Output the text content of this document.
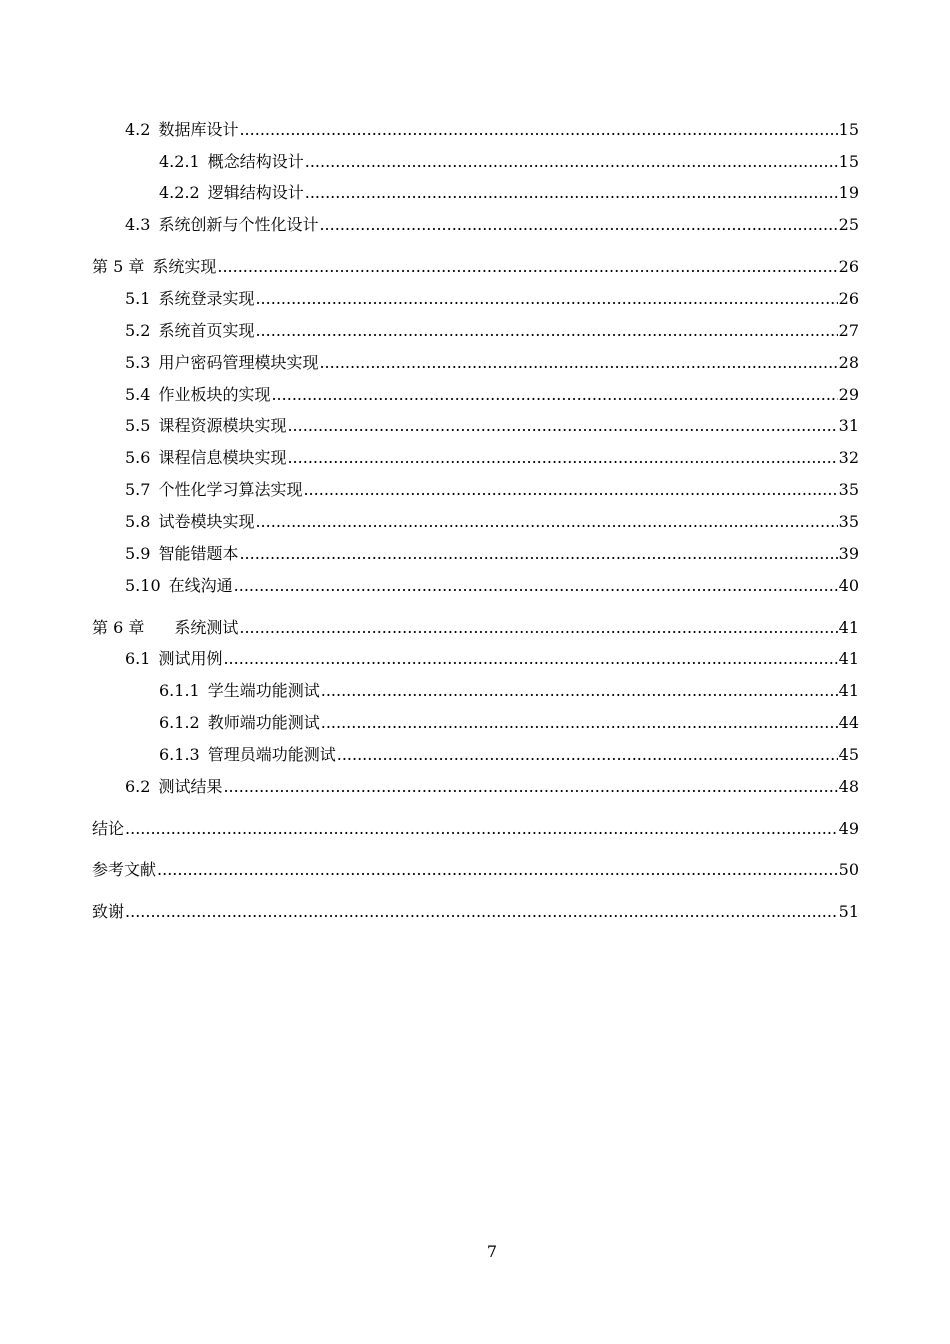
4.2 数据库设计 .....	15
4.2.1 概念结构设计 .....	15
4.2.2 逻辑结构设计 .....	19
4.3 系统创新与个性化设计 .....	25
第 5 章 系统实现 .....	26
5.1 系统登录实现 .....	26
5.2 系统首页实现 .....	27
5.3 用户密码管理模块实现 .....	28
5.4 作业板块的实现 .....	29
5.5 课程资源模块实现 .....	31
5.6 课程信息模块实现 .....	32
5.7 个性化学习算法实现 .....	35
5.8 试卷模块实现 .....	35
5.9 智能错题本 .....	39
5.10 在线沟通 .....	40
第 6 章 系统测试 .....	41
6.1 测试用例 .....	41
6.1.1 学生端功能测试 .....	41
6.1.2 教师端功能测试 .....	44
6.1.3 管理员端功能测试 .....	45
6.2 测试结果 .....	48
结论 .....	49
参考文献 .....	50
致谢 .....	51
7
